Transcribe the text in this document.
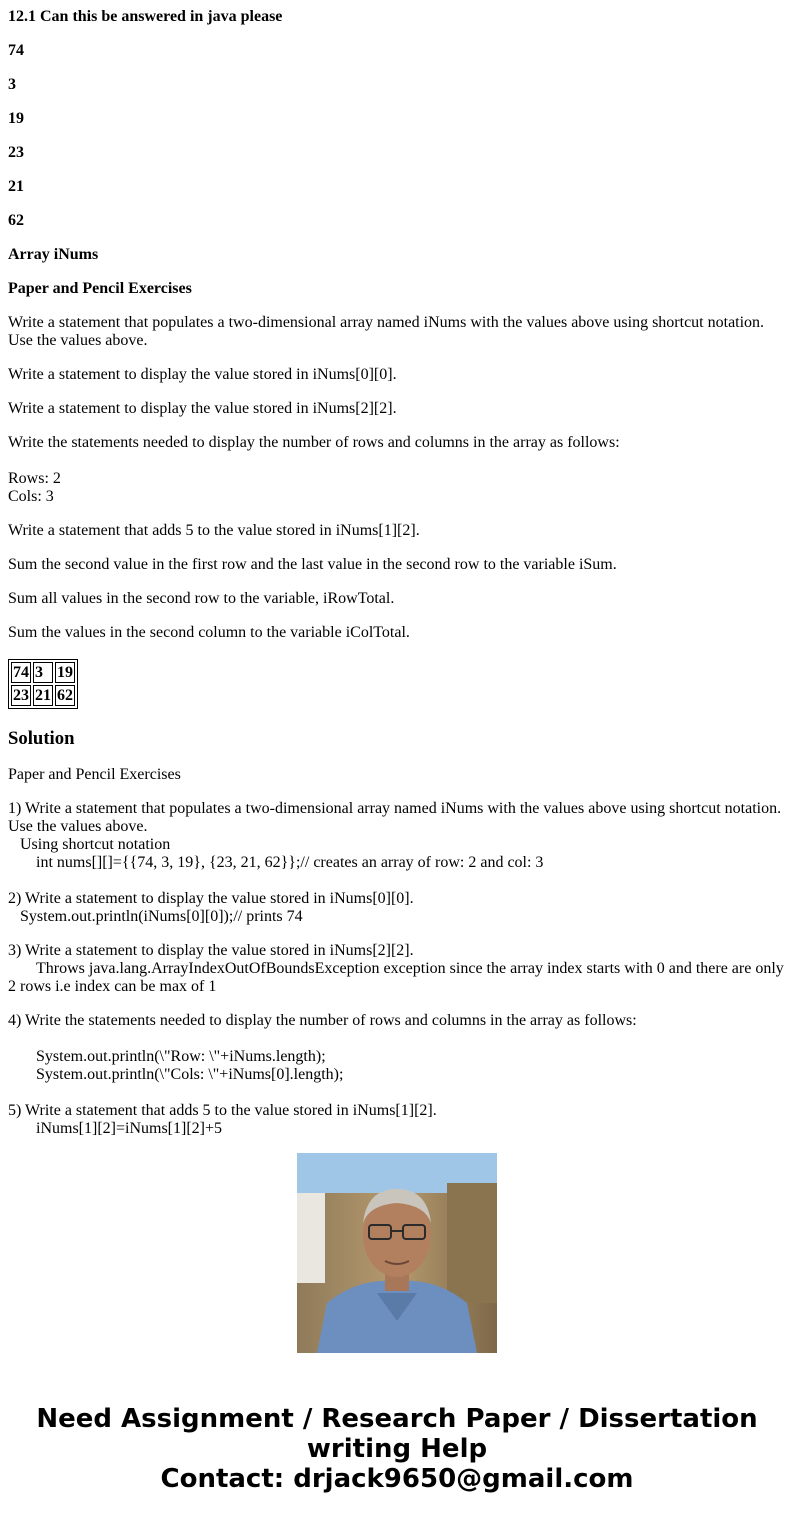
12.1 Can this be answered in java please

74

3

19

23

21

62

Array iNums

Paper and Pencil Exercises

Write a statement that populates a two-dimensional array named iNums with the values above using shortcut notation. Use the values above.

Write a statement to display the value stored in iNums[0][0].

Write a statement to display the value stored in iNums[2][2].

Write the statements needed to display the number of rows and columns in the array as follows:

Rows: 2

Cols: 3

Write a statement that adds 5 to the value stored in iNums[1][2].

Sum the second value in the first row and the last value in the second row to the variable iSum.

Sum all values in the second row to the variable, iRowTotal.

Sum the values in the second column to the variable iColTotal.

74	3	19
23	21	62
Solution

Paper and Pencil Exercises

1) Write a statement that populates a two-dimensional array named iNums with the values above using shortcut notation. Use the values above.

Using shortcut notation

int nums[][]={{74, 3, 19}, {23, 21, 62}};// creates an array of row: 2 and col: 3

2) Write a statement to display the value stored in iNums[0][0].

System.out.println(iNums[0][0]);// prints 74

3) Write a statement to display the value stored in iNums[2][2].

Throws java.lang.ArrayIndexOutOfBoundsException exception since the array index starts with 0 and there are only 2 rows i.e index can be max of 1

4) Write the statements needed to display the number of rows and columns in the array as follows:

System.out.println(\"Row: \"+iNums.length);

System.out.println(\"Cols: \"+iNums[0].length);

5) Write a statement that adds 5 to the value stored in iNums[1][2].

iNums[1][2]=iNums[1][2]+5

Need Assignment / Research Paper / Dissertation
writing Help
Contact: drjack9650@gmail.com
